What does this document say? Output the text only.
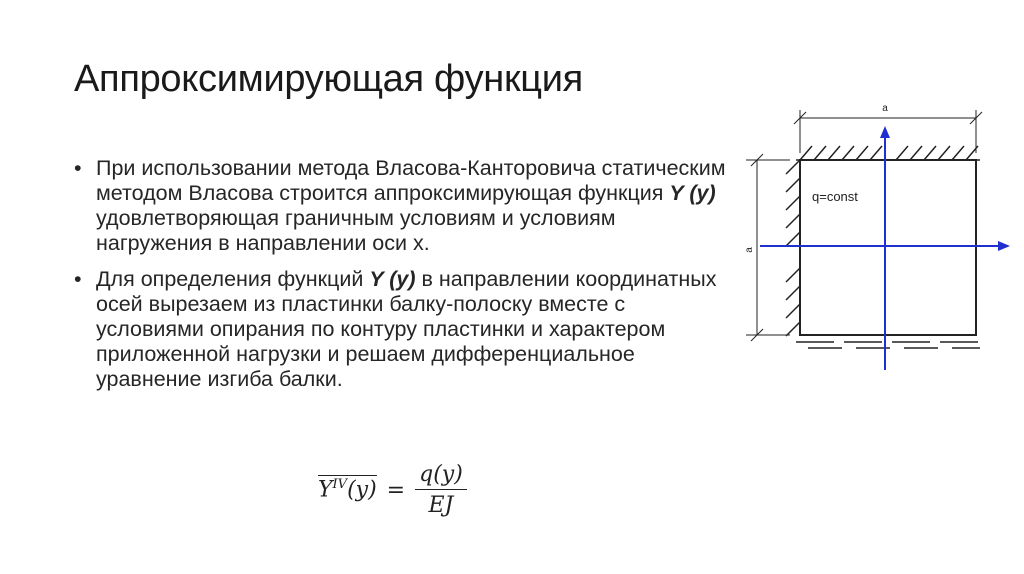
Аппроксимирующая функция
• При использовании метода Власова-Канторовича статическим методом Власова строится аппроксимирующая функция Y (y) удовлетворяющая граничным условиям и условиям нагружения в направлении оси х.
• Для определения функций Y (y) в направлении координатных осей вырезаем из пластинки балку-полоску вместе с условиями опирания по контуру пластинки и характером приложенной нагрузки и решаем дифференциальное уравнение изгиба балки.
$Y^{IV}(y) = \frac{q(y)}{EJ}$
a
a
q=const
